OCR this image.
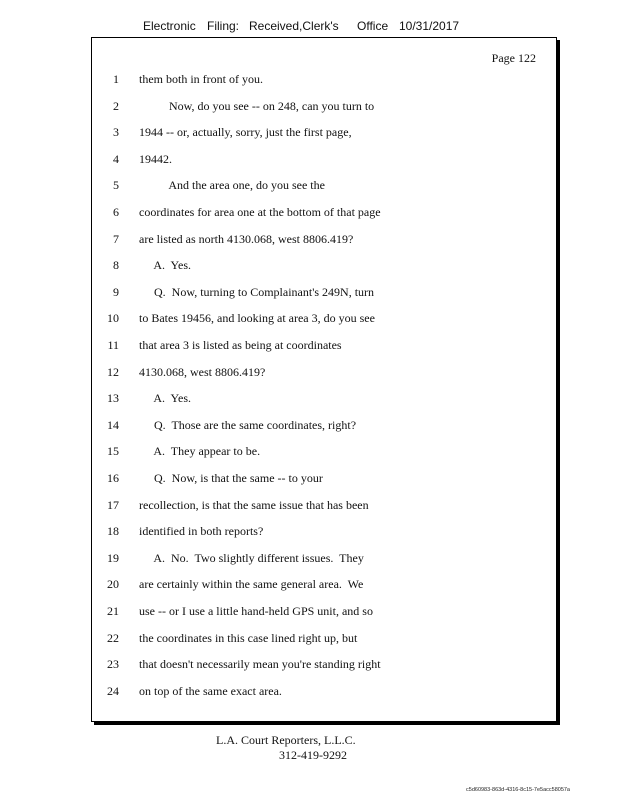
Electronic Filing: Received,Clerk's Office 10/31/2017
Page 122
1 them both in front of you.
2 Now, do you see -- on 248, can you turn to
3 1944 -- or, actually, sorry, just the first page,
4 19442.
5 And the area one, do you see the
6 coordinates for area one at the bottom of that page
7 are listed as north 4130.068, west 8806.419?
8 A.  Yes.
9 Q.  Now, turning to Complainant's 249N, turn
10 to Bates 19456, and looking at area 3, do you see
11 that area 3 is listed as being at coordinates
12 4130.068, west 8806.419?
13 A.  Yes.
14 Q.  Those are the same coordinates, right?
15 A.  They appear to be.
16 Q.  Now, is that the same -- to your
17 recollection, is that the same issue that has been
18 identified in both reports?
19 A.  No.  Two slightly different issues.  They
20 are certainly within the same general area.  We
21 use -- or I use a little hand-held GPS unit, and so
22 the coordinates in this case lined right up, but
23 that doesn't necessarily mean you're standing right
24 on top of the same exact area.
L.A. Court Reporters, L.L.C.
312-419-9292
c5d60983-863d-4316-8c15-7e5acc58057a
